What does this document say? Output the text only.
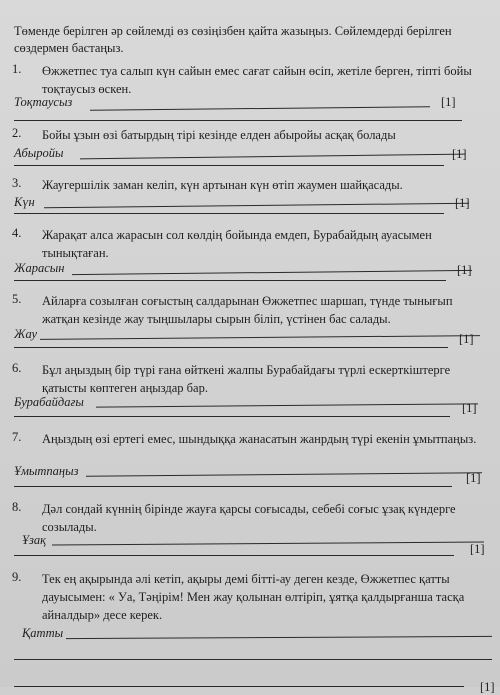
Төменде берілген әр сөйлемді өз сөзіңізбен қайта жазыңыз. Сөйлемдерді берілген сөздермен бастаңыз.
1. Өжжетпес туа салып күн сайын емес сағат сайын өсіп, жетіле берген, тіпті бойы тоқтаусыз өскен.
Тоқтаусыз	[1]
2. Бойы ұзын өзі батырдың тірі кезінде елден абыройы асқақ болады
Абыройы	[1]
3. Жаугершілік заман келіп, күн артынан күн өтіп жаумен шайқасады.
Күн	[1]
4. Жарақат алса жарасын сол көлдің бойында емдеп, Бурабайдың ауасымен тынықтаған.
Жарасын	[1]
5. Айларға созылған соғыстың салдарынан Өжжетпес шаршап, түнде тынығып жатқан кезінде жау тыңшылары сырын біліп, үстінен бас салады.
Жау	[1]
6. Бұл аңыздың бір түрі ғана өйткені жалпы Бурабайдағы түрлі ескерткіштерге қатысты көптеген аңыздар бар.
Бурабайдағы	[1]
7. Аңыздың өзі ертегі емес, шындыққа жанасатын жанрдың түрі екенін ұмытпаңыз.
Ұмытпаңыз	[1]
8. Дәл сондай күннің бірінде жауға қарсы соғысады, себебі соғыс ұзақ күндерге созылады.
Ұзақ
[1]
9. Тек ең ақырында әлі кетіп, ақыры демі бітті-ау деген кезде, Өжжетпес қатты дауысымен: « Уа, Тәңірім! Мен жау қолынан өлтіріп, ұятқа қалдырғанша тасқа айналдыр» десе керек.
Қатты
[1]
